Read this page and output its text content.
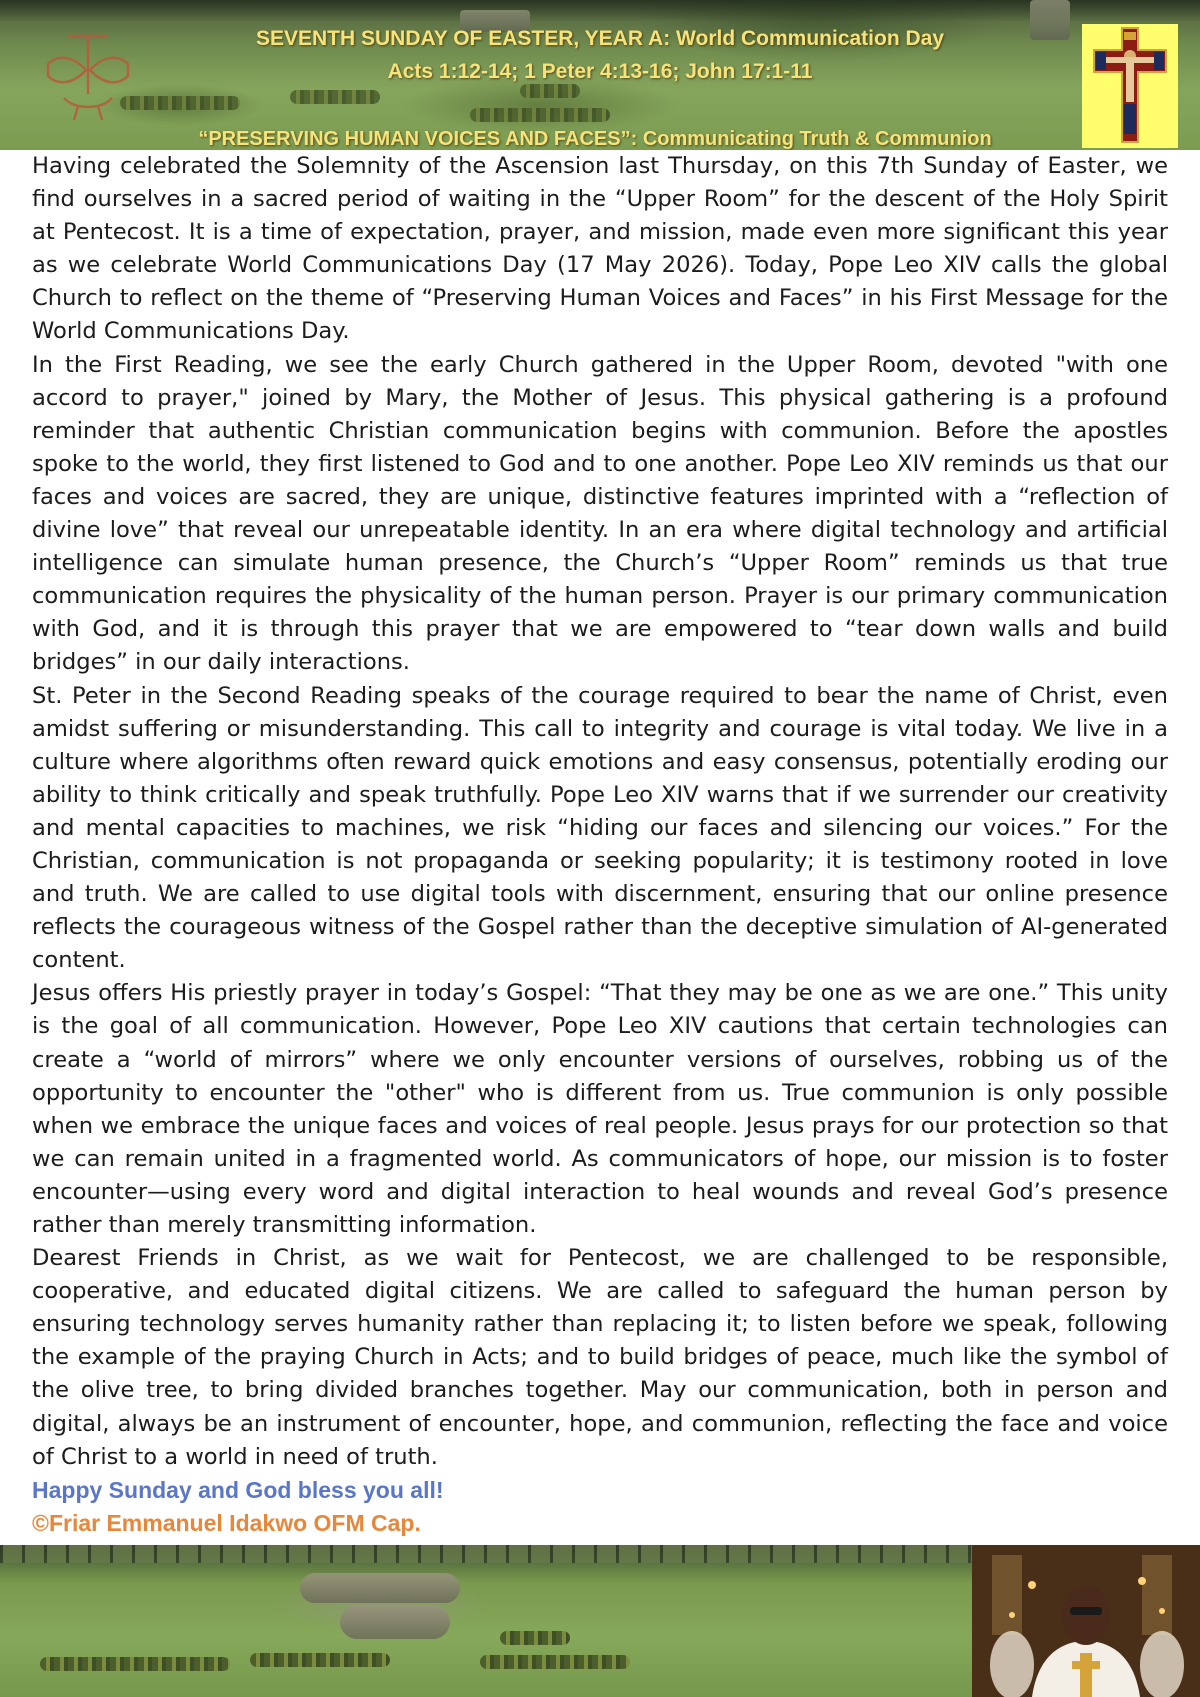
SEVENTH SUNDAY OF EASTER, YEAR A: World Communication Day
Acts 1:12-14; 1 Peter 4:13-16; John 17:1-11
“PRESERVING HUMAN VOICES AND FACES”: Communicating Truth & Communion

Having celebrated the Solemnity of the Ascension last Thursday, on this 7th Sunday of Easter, we find ourselves in a sacred period of waiting in the “Upper Room” for the descent of the Holy Spirit at Pentecost. It is a time of expectation, prayer, and mission, made even more significant this year as we celebrate World Communications Day (17 May 2026). Today, Pope Leo XIV calls the global Church to reflect on the theme of “Preserving Human Voices and Faces” in his First Message for the World Communications Day.

In the First Reading, we see the early Church gathered in the Upper Room, devoted "with one accord to prayer," joined by Mary, the Mother of Jesus. This physical gathering is a profound reminder that authentic Christian communication begins with communion. Before the apostles spoke to the world, they first listened to God and to one another. Pope Leo XIV reminds us that our faces and voices are sacred, they are unique, distinctive features imprinted with a “reflection of divine love” that reveal our unrepeatable identity. In an era where digital technology and artificial intelligence can simulate human presence, the Church’s “Upper Room” reminds us that true communication requires the physicality of the human person. Prayer is our primary communication with God, and it is through this prayer that we are empowered to “tear down walls and build bridges” in our daily interactions.

St. Peter in the Second Reading speaks of the courage required to bear the name of Christ, even amidst suffering or misunderstanding. This call to integrity and courage is vital today. We live in a culture where algorithms often reward quick emotions and easy consensus, potentially eroding our ability to think critically and speak truthfully. Pope Leo XIV warns that if we surrender our creativity and mental capacities to machines, we risk “hiding our faces and silencing our voices.” For the Christian, communication is not propaganda or seeking popularity; it is testimony rooted in love and truth. We are called to use digital tools with discernment, ensuring that our online presence reflects the courageous witness of the Gospel rather than the deceptive simulation of AI-generated content.

Jesus offers His priestly prayer in today’s Gospel: “That they may be one as we are one.” This unity is the goal of all communication. However, Pope Leo XIV cautions that certain technologies can create a “world of mirrors” where we only encounter versions of ourselves, robbing us of the opportunity to encounter the "other" who is different from us. True communion is only possible when we embrace the unique faces and voices of real people. Jesus prays for our protection so that we can remain united in a fragmented world. As communicators of hope, our mission is to foster encounter—using every word and digital interaction to heal wounds and reveal God’s presence rather than merely transmitting information.

Dearest Friends in Christ, as we wait for Pentecost, we are challenged to be responsible, cooperative, and educated digital citizens. We are called to safeguard the human person by ensuring technology serves humanity rather than replacing it; to listen before we speak, following the example of the praying Church in Acts; and to build bridges of peace, much like the symbol of the olive tree, to bring divided branches together. May our communication, both in person and digital, always be an instrument of encounter, hope, and communion, reflecting the face and voice of Christ to a world in need of truth.

Happy Sunday and God bless you all!

©Friar Emmanuel Idakwo OFM Cap.
